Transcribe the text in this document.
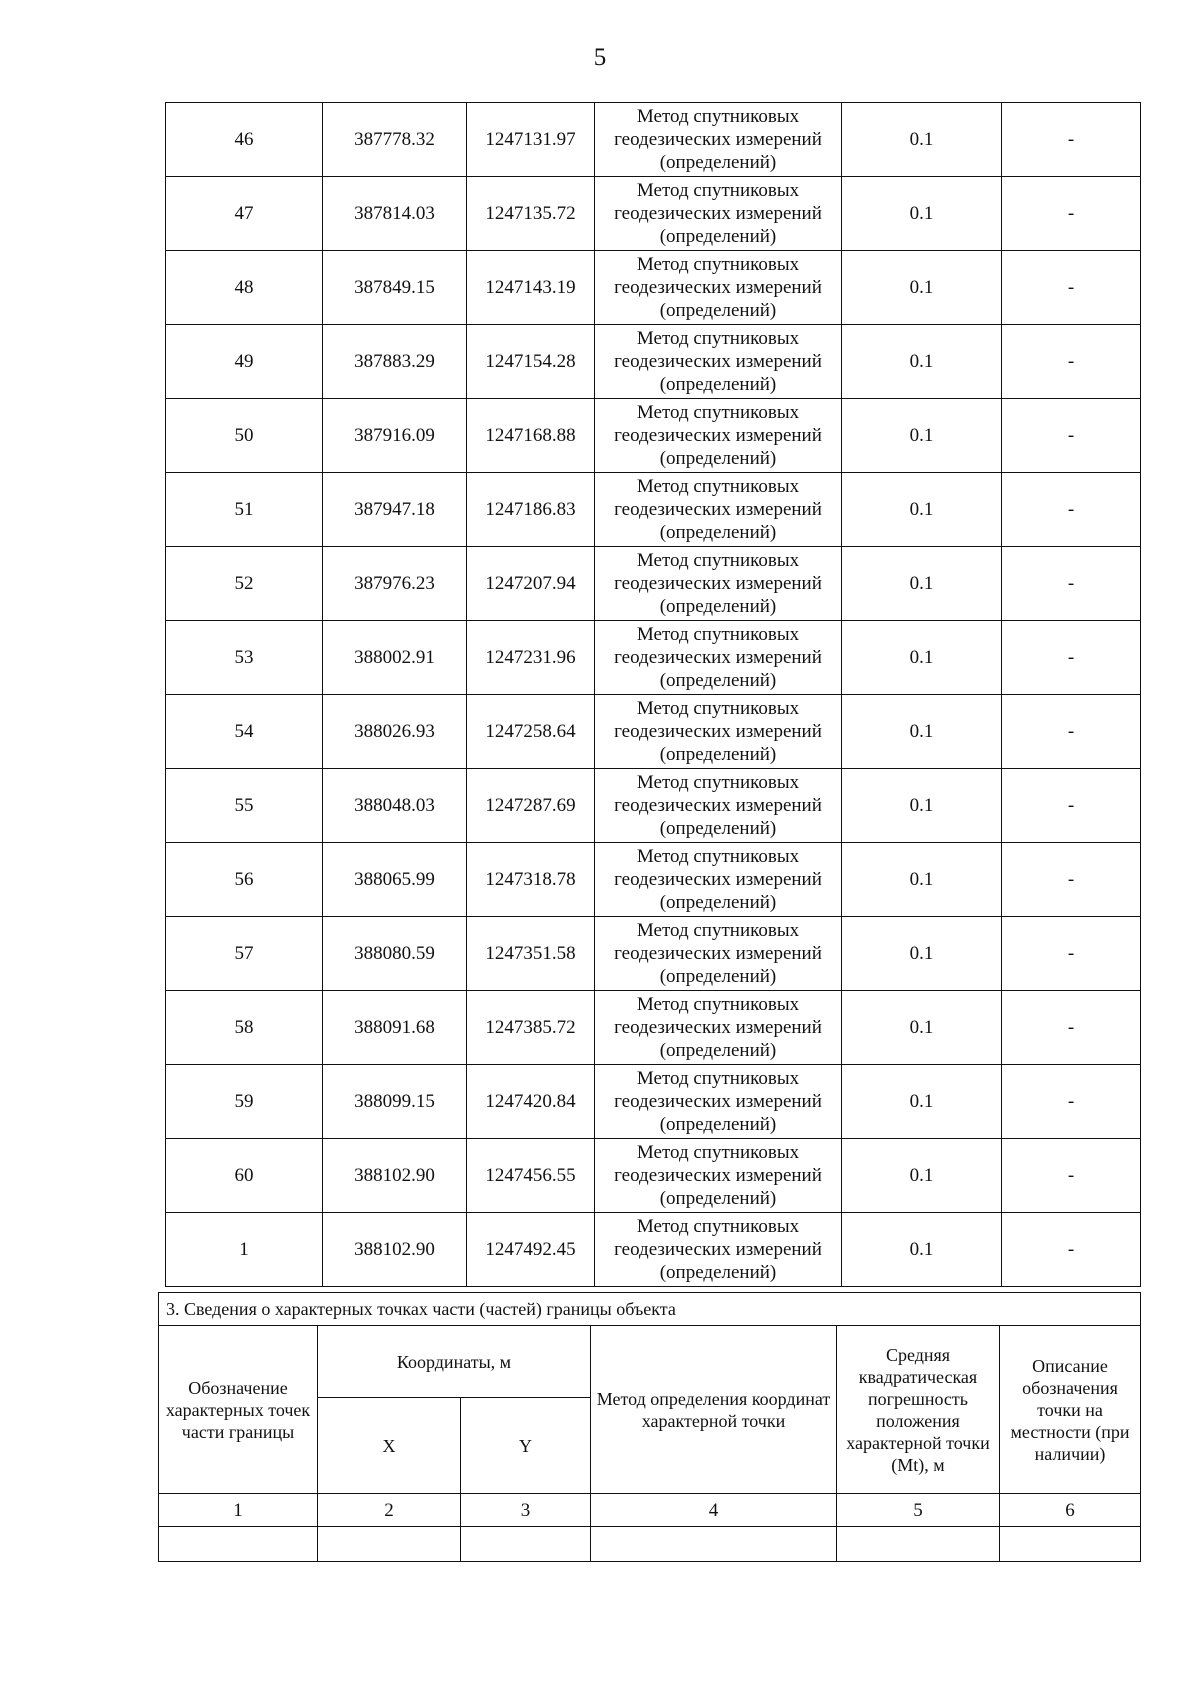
5
46	387778.32	1247131.97	Метод спутниковых геодезических измерений (определений)	0.1	-
47	387814.03	1247135.72	Метод спутниковых геодезических измерений (определений)	0.1	-
48	387849.15	1247143.19	Метод спутниковых геодезических измерений (определений)	0.1	-
49	387883.29	1247154.28	Метод спутниковых геодезических измерений (определений)	0.1	-
50	387916.09	1247168.88	Метод спутниковых геодезических измерений (определений)	0.1	-
51	387947.18	1247186.83	Метод спутниковых геодезических измерений (определений)	0.1	-
52	387976.23	1247207.94	Метод спутниковых геодезических измерений (определений)	0.1	-
53	388002.91	1247231.96	Метод спутниковых геодезических измерений (определений)	0.1	-
54	388026.93	1247258.64	Метод спутниковых геодезических измерений (определений)	0.1	-
55	388048.03	1247287.69	Метод спутниковых геодезических измерений (определений)	0.1	-
56	388065.99	1247318.78	Метод спутниковых геодезических измерений (определений)	0.1	-
57	388080.59	1247351.58	Метод спутниковых геодезических измерений (определений)	0.1	-
58	388091.68	1247385.72	Метод спутниковых геодезических измерений (определений)	0.1	-
59	388099.15	1247420.84	Метод спутниковых геодезических измерений (определений)	0.1	-
60	388102.90	1247456.55	Метод спутниковых геодезических измерений (определений)	0.1	-
1	388102.90	1247492.45	Метод спутниковых геодезических измерений (определений)	0.1	-
3. Сведения о характерных точках части (частей) границы объекта					
Обозначение характерных точек части границы	Координаты, м		Метод определения координат характерной точки	Средняя квадратическая погрешность положения характерной точки (Mt), м	Описание обозначения точки на местности (при наличии)
	X	Y			
1	2	3	4	5	6
